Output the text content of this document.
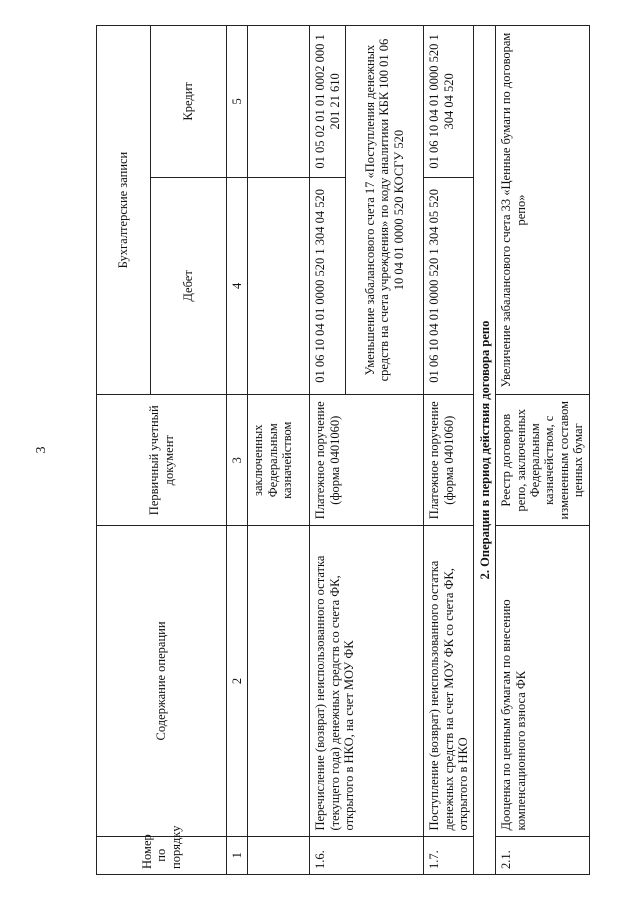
3
Номер по порядку	Содержание операции	Первичный учетный документ	Бухгалтерские записи	
			Дебет	Кредит
1	2	3	4	5
		заключенных Федеральным казначейством		
1.6.	Перечисление (возврат) неиспользованного остатка (текущего года) денежных средств со счета ФК, открытого в НКО, на счет МОУ ФК	Платежное поручение (форма 0401060)	01 06 10 04 01 0000 520 1 304 04 520	01 05 02 01 01 0002 000 1 201 21 610
			Уменьшение забалансового счета 17 «Поступления денежных средств на счета учреждения» по коду аналитики КБК 100 01 06 10 04 01 0000 520 КОСГУ 520	
1.7.	Поступление (возврат) неиспользованного остатка денежных средств на счет МОУ ФК со счета ФК, открытого в НКО	Платежное поручение (форма 0401060)	01 06 10 04 01 0000 520 1 304 05 520	01 06 10 04 01 0000 520 1 304 04 520
2. Операции в период действия договора репо				
2.1.	Дооценка по ценным бумагам по внесению компенсационного взноса ФК	Реестр договоров репо, заключенных Федеральным казначейством, с измененным составом ценных бумаг	Увеличение забалансового счета 33 «Ценные бумаги по договорам репо»	
